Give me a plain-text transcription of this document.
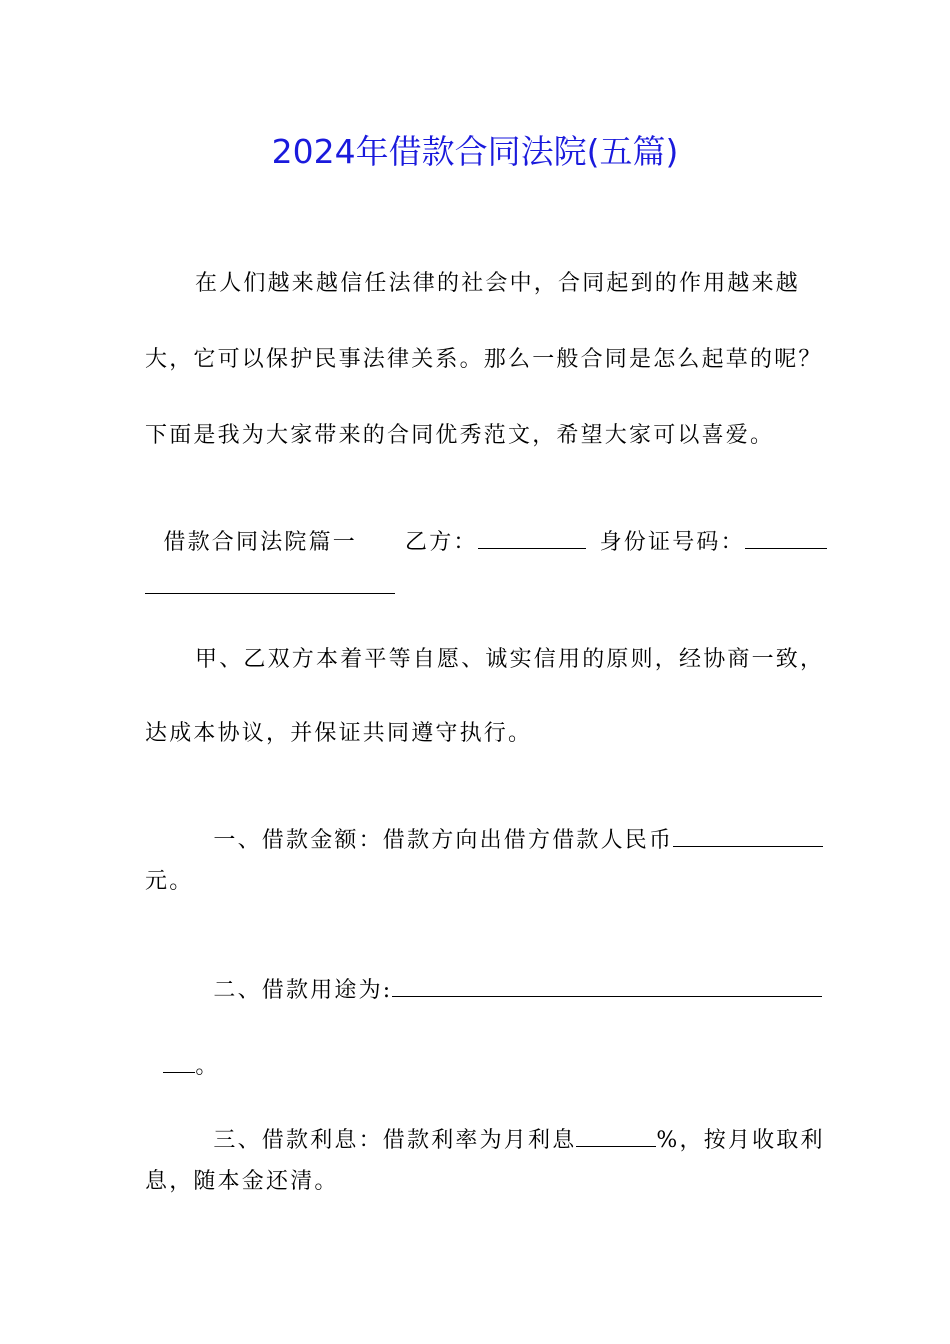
2024年借款合同法院(五篇)
在人们越来越信任法律的社会中，合同起到的作用越来越
大，它可以保护民事法律关系。那么一般合同是怎么起草的呢？
下面是我为大家带来的合同优秀范文，希望大家可以喜爱。

借款合同法院篇一 乙方：	身份证号码：

甲、乙双方本着平等自愿、诚实信用的原则，经协商一致，
达成本协议，并保证共同遵守执行。

一、借款金额：借款方向出借方借款人民币

元。

二、借款用途为:

。

三、借款利息：借款利率为月利息	%，按月收取利

息，随本金还清。
